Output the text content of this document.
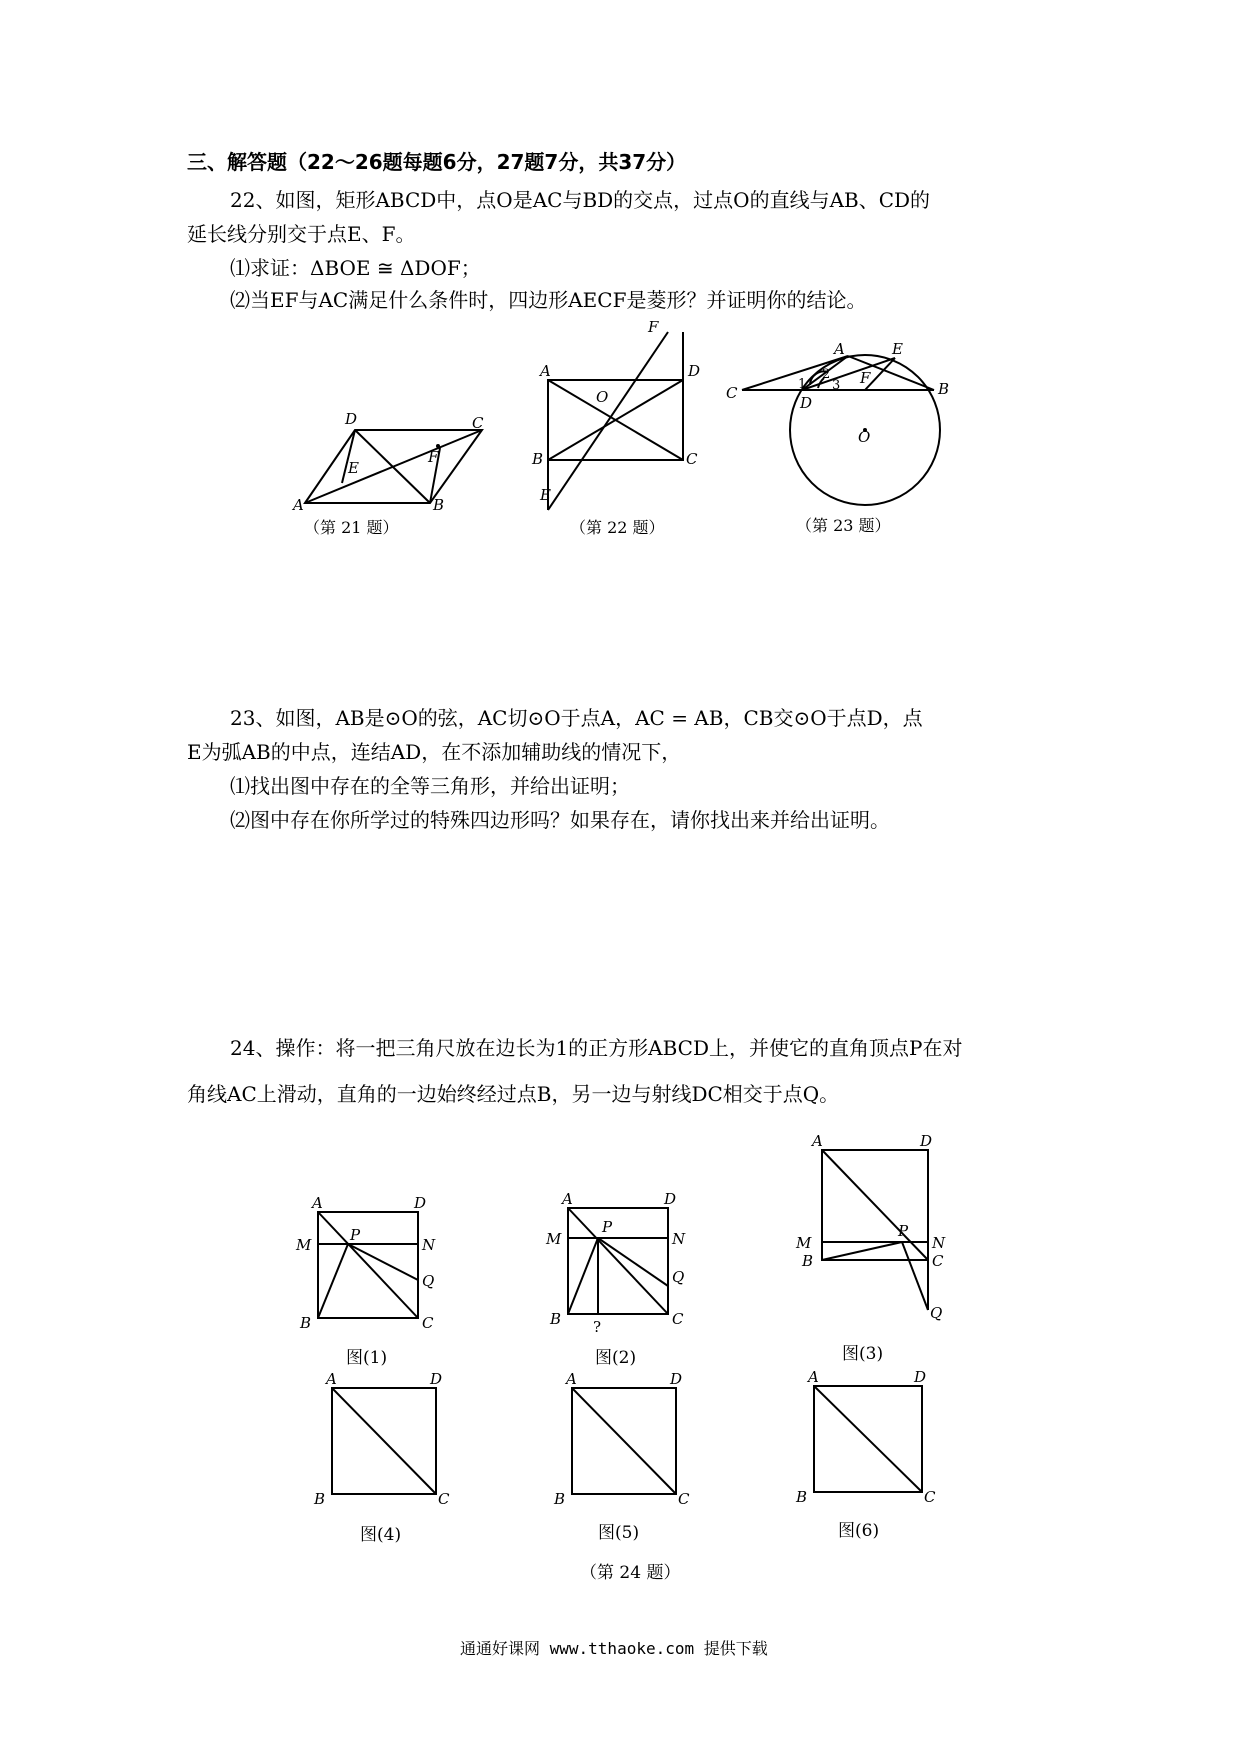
三、解答题（22～26题每题6分，27题7分，共37分）
22、如图，矩形ABCD中，点O是AC与BD的交点，过点O的直线与AB、CD的
延长线分别交于点E、F。
⑴求证：ΔBOE ≅ ΔDOF；
⑵当EF与AC满足什么条件时，四边形AECF是菱形？并证明你的结论。
A	B
C
D
E
F
（第 21 题）
A
B	C
D
E
F
O
（第 22 题）
C
D
A	E
B
F
O
1
2
3
（第 23 题）
23、如图，AB是⊙O的弦，AC切⊙O于点A，AC = AB，CB交⊙O于点D，点
E为弧AB的中点，连结AD，在不添加辅助线的情况下，
⑴找出图中存在的全等三角形，并给出证明；
⑵图中存在你所学过的特殊四边形吗？如果存在，请你找出来并给出证明。
24、操作：将一把三角尺放在边长为1的正方形ABCD上，并使它的直角顶点P在对
角线AC上滑动，直角的一边始终经过点B，另一边与射线DC相交于点Q。
A	D
M
P
N
Q
B	C
图(1)
A	D
M
P
N
Q
B	C
?
图(2)
A	D
M
P
N
B	C
Q
图(3)
A	D
B	C
图(4)
A	D
B	C
图(5)
A	D
B	C
图(6)
（第 24 题）
通通好课网 www.tthaoke.com 提供下载
